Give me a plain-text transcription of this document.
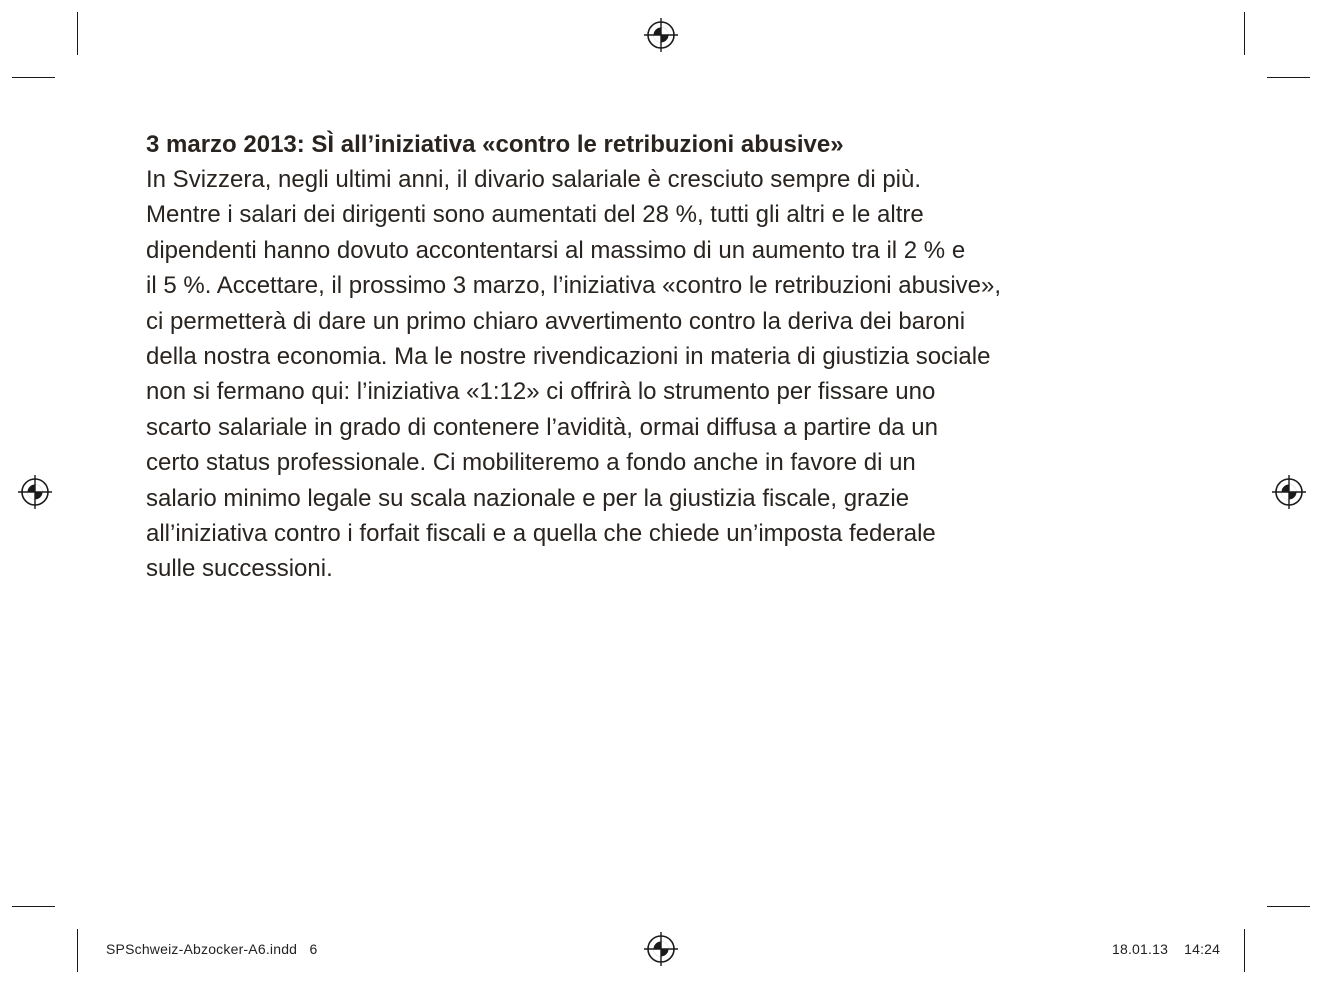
3 marzo 2013: SÌ all’iniziativa «contro le retribuzioni abusive»

In Svizzera, negli ultimi anni, il divario salariale è cresciuto sempre di più.

Mentre i salari dei dirigenti sono aumentati del 28 %, tutti gli altri e le altre

dipendenti hanno dovuto accontentarsi al massimo di un aumento tra il 2 % e

il 5 %. Accettare, il prossimo 3 marzo, l’iniziativa «contro le retribuzioni abusive»,

ci permetterà di dare un primo chiaro avvertimento contro la deriva dei baroni

della nostra economia. Ma le nostre rivendicazioni in materia di giustizia sociale

non si fermano qui: l’iniziativa «1:12» ci offrirà lo strumento per fissare uno

scarto salariale in grado di contenere l’avidità, ormai diffusa a partire da un

certo status professionale. Ci mobiliteremo a fondo anche in favore di un

salario minimo legale su scala nazionale e per la giustizia fiscale, grazie

all’iniziativa contro i forfait fiscali e a quella che chiede un’imposta federale

sulle successioni.

SPSchweiz-Abzocker-A6.indd   6	18.01.13 14:24
